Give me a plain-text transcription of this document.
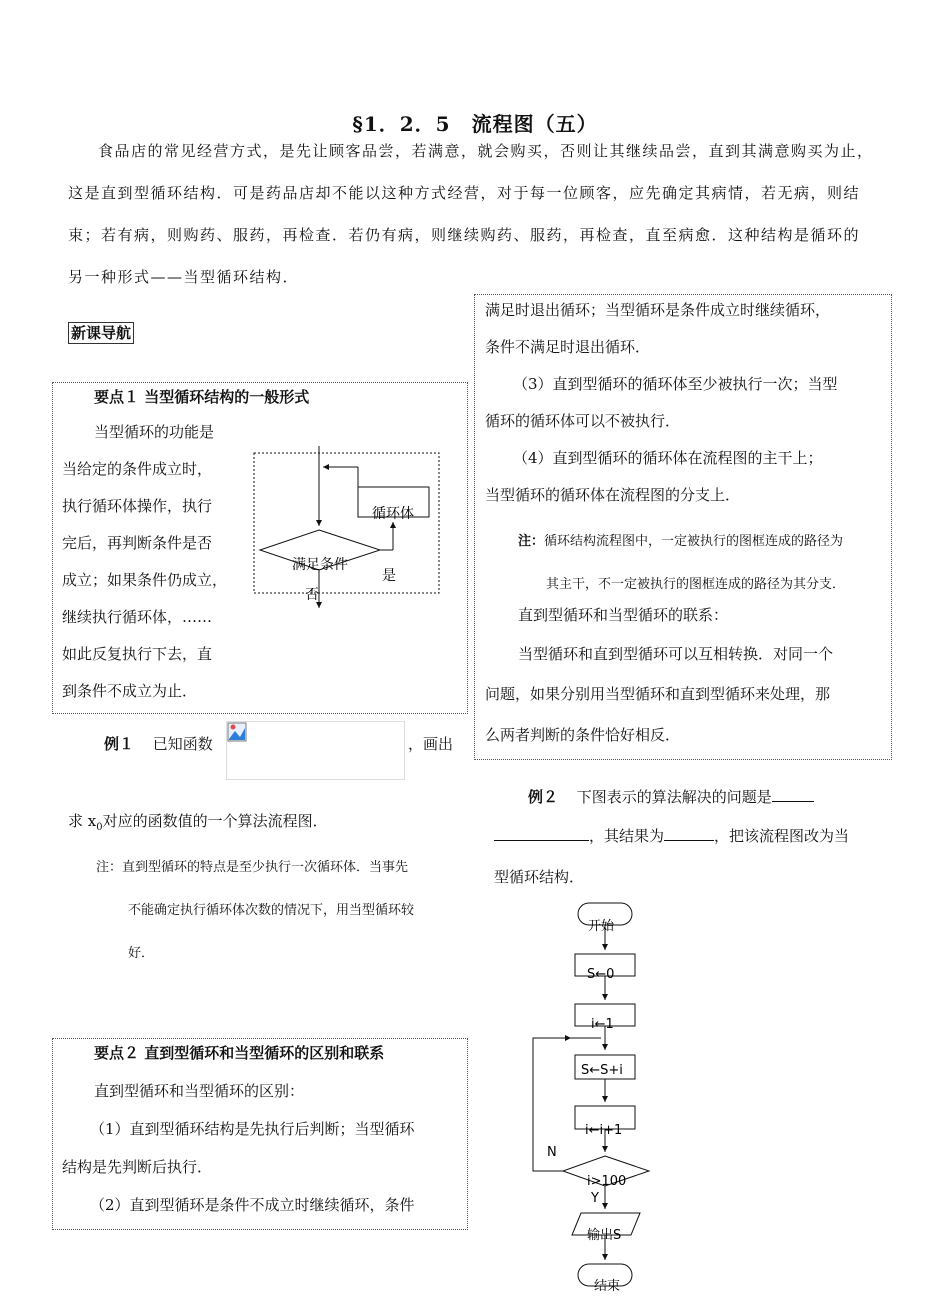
§1．2．5　流程图（五）

食品店的常见经营方式，是先让顾客品尝，若满意，就会购买，否则让其继续品尝，直到其满意购买为止，

这是直到型循环结构．可是药品店却不能以这种方式经营，对于每一位顾客，应先确定其病情，若无病，则结

束；若有病，则购药、服药，再检查．若仍有病，则继续购药、服药，再检查，直至病愈．这种结构是循环的

另一种形式——当型循环结构．

新课导航
要点１ 当型循环结构的一般形式
当型循环的功能是
当给定的条件成立时，
执行循环体操作，执行
完后，再判断条件是否
成立；如果条件仍成立，
继续执行循环体，……
如此反复执行下去，直
到条件不成立为止．
满足条件
循环体
是
否
例１ 已知函数	，画出
求 $x_0$对应的函数值的一个算法流程图．
注：直到型循环的特点是至少执行一次循环体．当事先
不能确定执行循环体次数的情况下，用当型循环较
好．
要点２ 直到型循环和当型循环的区别和联系
直到型循环和当型循环的区别：
（1）直到型循环结构是先执行后判断；当型循环
结构是先判断后执行．
（2）直到型循环是条件不成立时继续循环，条件
满足时退出循环；当型循环是条件成立时继续循环，
条件不满足时退出循环．
（3）直到型循环的循环体至少被执行一次；当型
循环的循环体可以不被执行．
（4）直到型循环的循环体在流程图的主干上；
当型循环的循环体在流程图的分支上．
注：循环结构流程图中，一定被执行的图框连成的路径为
其主干，不一定被执行的图框连成的路径为其分支．
直到型循环和当型循环的联系：
当型循环和直到型循环可以互相转换．对同一个
问题，如果分别用当型循环和直到型循环来处理，那
么两者判断的条件恰好相反．
例２ 下图表示的算法解决的问题是
，其结果为	，把该流程图改为当
型循环结构．
开始
S←0
i←1
S←S+i
i←i+1
i>100
N
Y
输出S
结束
